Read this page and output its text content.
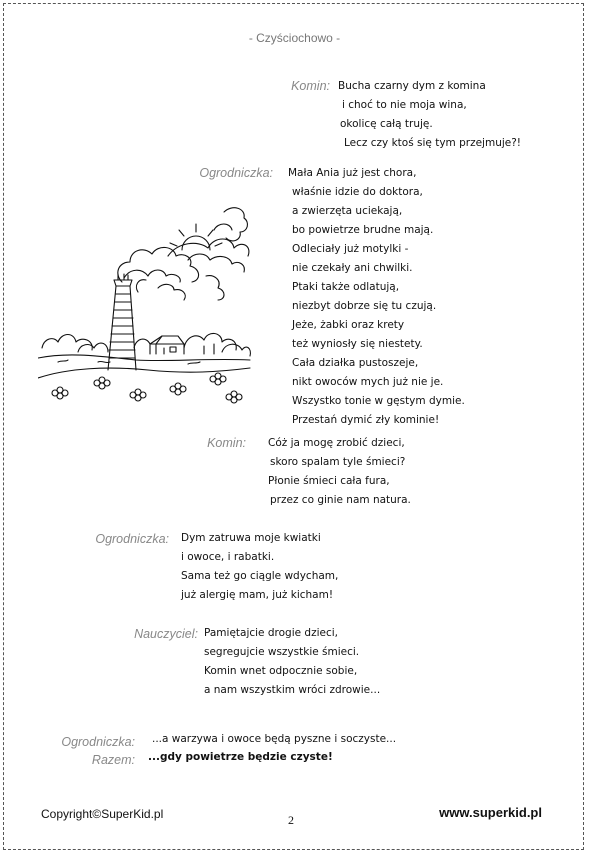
- Czyściochowo -
Komin: Bucha czarny dym z komina
i choć to nie moja wina,
okolicę całą truję.
Lecz czy ktoś się tym przejmuje?!
Ogrodniczka: Mała Ania już jest chora,
właśnie idzie do doktora,
a zwierzęta uciekają,
bo powietrze brudne mają.
Odleciały już motylki -
nie czekały ani chwilki.
Ptaki także odlatują,
niezbyt dobrze się tu czują.
Jeże, żabki oraz krety
też wyniosły się niestety.
Cała działka pustoszeje,
nikt owoców mych już nie je.
Wszystko tonie w gęstym dymie.
Przestań dymić zły kominie!
Komin: Cóż ja mogę zrobić dzieci,
skoro spalam tyle śmieci?
Płonie śmieci cała fura,
przez co ginie nam natura.
Ogrodniczka: Dym zatruwa moje kwiatki
i owoce, i rabatki.
Sama też go ciągle wdycham,
już alergię mam, już kicham!
Nauczyciel: Pamiętajcie drogie dzieci,
segregujcie wszystkie śmieci.
Komin wnet odpocznie sobie,
a nam wszystkim wróci zdrowie...
Ogrodniczka: ...a warzywa i owoce będą pyszne i soczyste...
Razem: ...gdy powietrze będzie czyste!
Copyright©SuperKid.pl	2	www.superkid.pl
